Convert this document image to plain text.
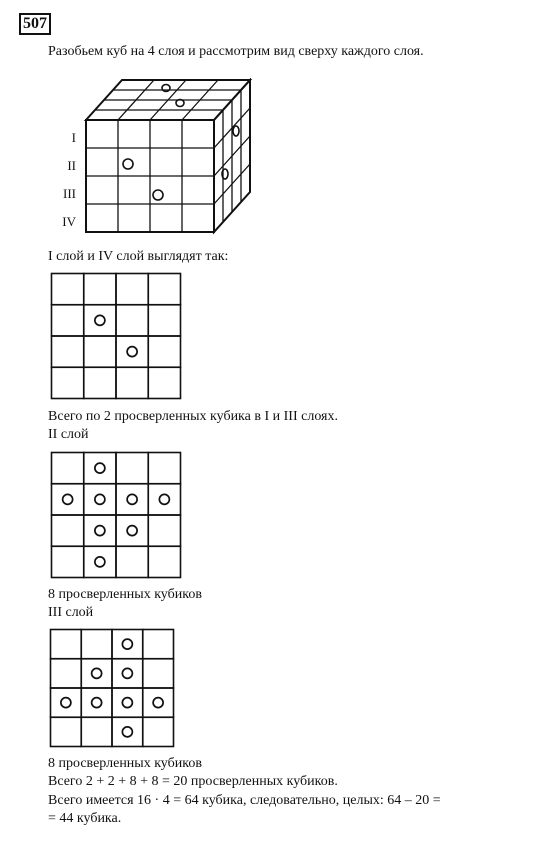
507
Разобьем куб на 4 слоя и рассмотрим вид сверху каждого слоя.
I
II
III
IV
I слой и IV слой выглядят так:
Всего по 2 просверленных кубика в I и III слоях.
II слой
8 просверленных кубиков
III слой
8 просверленных кубиков
Всего 2 + 2 + 8 + 8 = 20 просверленных кубиков.
Всего имеется 16 · 4 = 64 кубика, следовательно, целых: 64 – 20 =
= 44 кубика.
